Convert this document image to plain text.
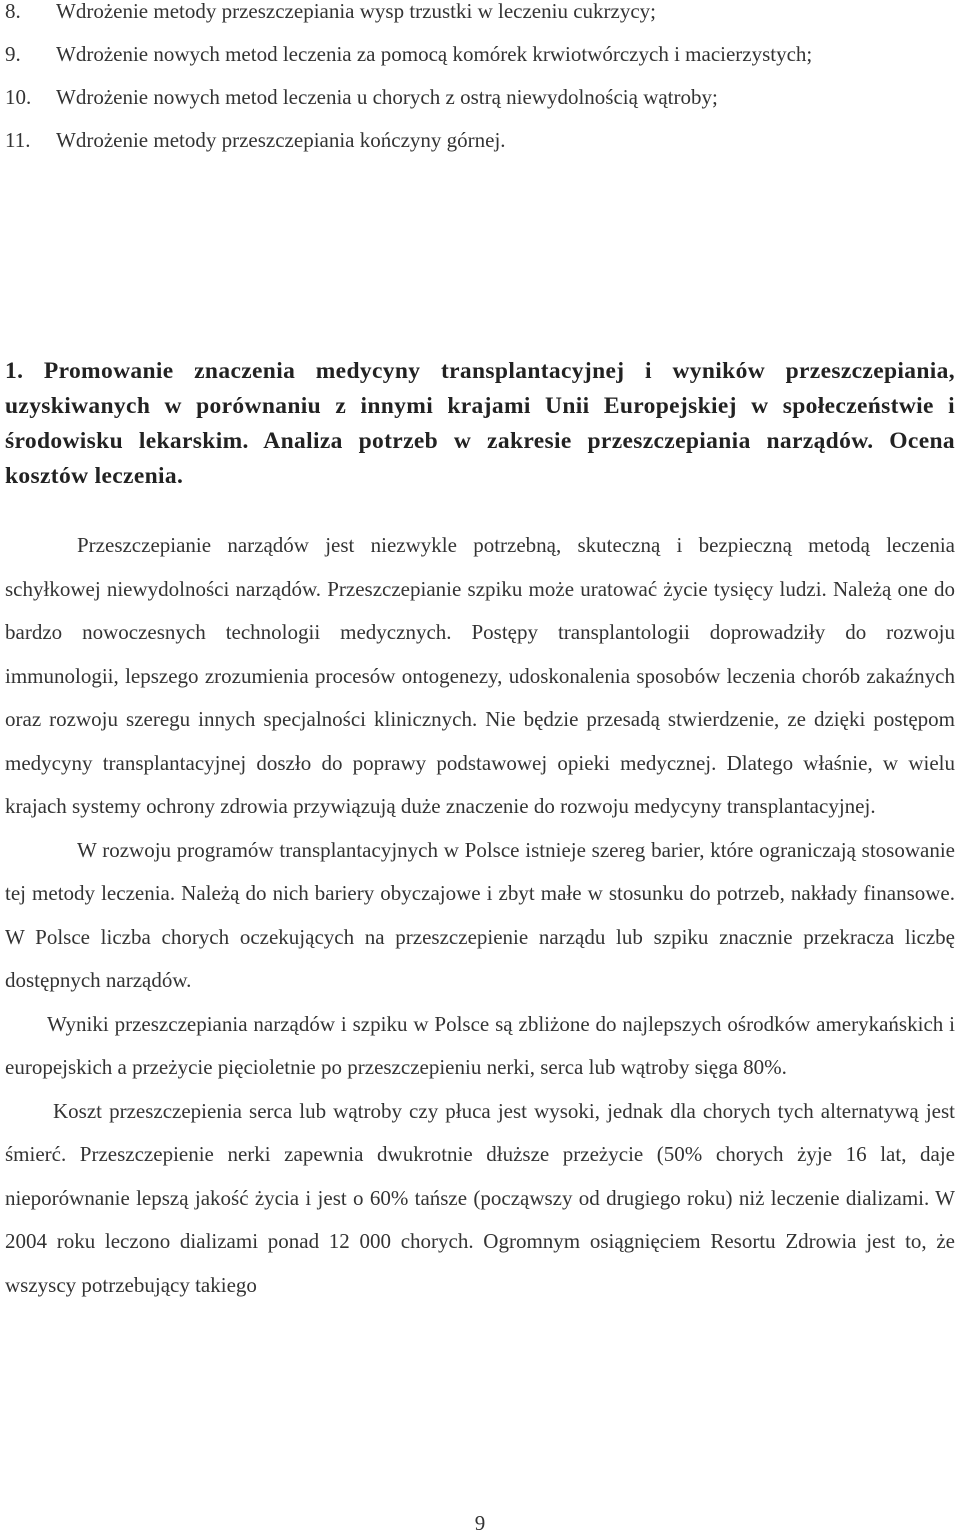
8. Wdrożenie metody przeszczepiania wysp trzustki w leczeniu cukrzycy;
9. Wdrożenie nowych metod leczenia za pomocą komórek krwiotwórczych i macierzystych;
10. Wdrożenie nowych metod leczenia u chorych z ostrą niewydolnością wątroby;
11. Wdrożenie metody przeszczepiania kończyny górnej.
1. Promowanie znaczenia medycyny transplantacyjnej i wyników przeszczepiania, uzyskiwanych w porównaniu z innymi krajami Unii Europejskiej w społeczeństwie i środowisku lekarskim. Analiza potrzeb w zakresie przeszczepiania narządów. Ocena kosztów leczenia.

Przeszczepianie narządów jest niezwykle potrzebną, skuteczną i bezpieczną metodą leczenia schyłkowej niewydolności narządów. Przeszczepianie szpiku może uratować życie tysięcy ludzi. Należą one do bardzo nowoczesnych technologii medycznych. Postępy transplantologii doprowadziły do rozwoju immunologii, lepszego zrozumienia procesów ontogenezy, udoskonalenia sposobów leczenia chorób zakaźnych oraz rozwoju szeregu innych specjalności klinicznych. Nie będzie przesadą stwierdzenie, ze dzięki postępom medycyny transplantacyjnej doszło do poprawy podstawowej opieki medycznej. Dlatego właśnie, w wielu krajach systemy ochrony zdrowia przywiązują duże znaczenie do rozwoju medycyny transplantacyjnej.

W rozwoju programów transplantacyjnych w Polsce istnieje szereg barier, które ograniczają stosowanie tej metody leczenia. Należą do nich bariery obyczajowe i zbyt małe w stosunku do potrzeb, nakłady finansowe. W Polsce liczba chorych oczekujących na przeszczepienie narządu lub szpiku znacznie przekracza liczbę dostępnych narządów.

Wyniki przeszczepiania narządów i szpiku w Polsce są zbliżone do najlepszych ośrodków amerykańskich i europejskich a przeżycie pięcioletnie po przeszczepieniu nerki, serca lub wątroby sięga 80%.

Koszt przeszczepienia serca lub wątroby czy płuca jest wysoki, jednak dla chorych tych alternatywą jest śmierć. Przeszczepienie nerki zapewnia dwukrotnie dłuższe przeżycie (50% chorych żyje 16 lat, daje nieporównanie lepszą jakość życia i jest o 60% tańsze (począwszy od drugiego roku) niż leczenie dializami. W 2004 roku leczono dializami ponad 12 000 chorych. Ogromnym osiągnięciem Resortu Zdrowia jest to, że wszyscy potrzebujący takiego

9
